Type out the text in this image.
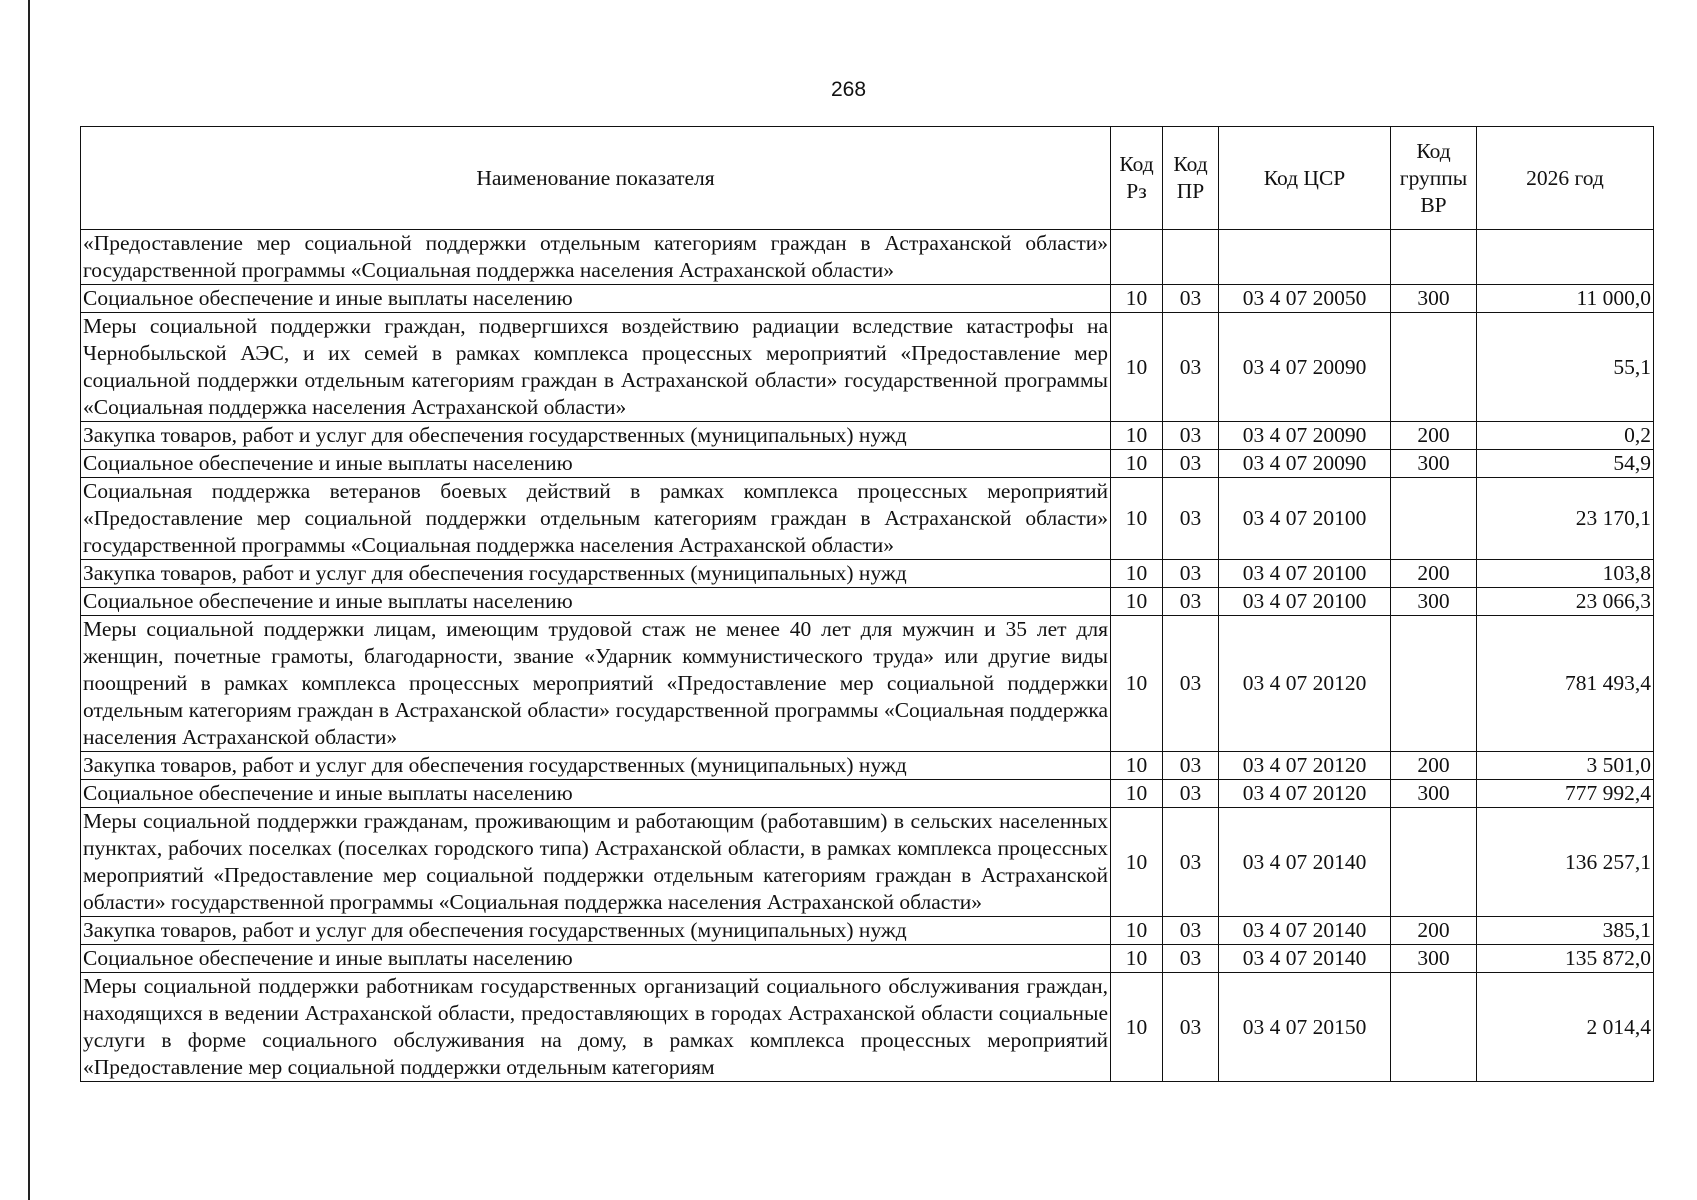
268
Наименование показателя	Код Рз	Код ПР	Код ЦСР	Код группы ВР	2026 год
«Предоставление мер социальной поддержки отдельным категориям граждан в Астраханской области» государственной программы «Социальная поддержка населения Астраханской области»					
Социальное обеспечение и иные выплаты населению	10	03	03 4 07 20050	300	11 000,0
Меры социальной поддержки граждан, подвергшихся воздействию радиации вследствие катастрофы на Чернобыльской АЭС, и их семей в рамках комплекса процессных мероприятий «Предоставление мер социальной поддержки отдельным категориям граждан в Астраханской области» государственной программы «Социальная поддержка населения Астраханской области»	10	03	03 4 07 20090		55,1
Закупка товаров, работ и услуг для обеспечения государственных (муниципальных) нужд	10	03	03 4 07 20090	200	0,2
Социальное обеспечение и иные выплаты населению	10	03	03 4 07 20090	300	54,9
Социальная поддержка ветеранов боевых действий в рамках комплекса процессных мероприятий «Предоставление мер социальной поддержки отдельным категориям граждан в Астраханской области» государственной программы «Социальная поддержка населения Астраханской области»	10	03	03 4 07 20100		23 170,1
Закупка товаров, работ и услуг для обеспечения государственных (муниципальных) нужд	10	03	03 4 07 20100	200	103,8
Социальное обеспечение и иные выплаты населению	10	03	03 4 07 20100	300	23 066,3
Меры социальной поддержки лицам, имеющим трудовой стаж не менее 40 лет для мужчин и 35 лет для женщин, почетные грамоты, благодарности, звание «Ударник коммунистического труда» или другие виды поощрений в рамках комплекса процессных мероприятий «Предоставление мер социальной поддержки отдельным категориям граждан в Астраханской области» государственной программы «Социальная поддержка населения Астраханской области»	10	03	03 4 07 20120		781 493,4
Закупка товаров, работ и услуг для обеспечения государственных (муниципальных) нужд	10	03	03 4 07 20120	200	3 501,0
Социальное обеспечение и иные выплаты населению	10	03	03 4 07 20120	300	777 992,4
Меры социальной поддержки гражданам, проживающим и работающим (работавшим) в сельских населенных пунктах, рабочих поселках (поселках городского типа) Астраханской области, в рамках комплекса процессных мероприятий «Предоставление мер социальной поддержки отдельным категориям граждан в Астраханской области» государственной программы «Социальная поддержка населения Астраханской области»	10	03	03 4 07 20140		136 257,1
Закупка товаров, работ и услуг для обеспечения государственных (муниципальных) нужд	10	03	03 4 07 20140	200	385,1
Социальное обеспечение и иные выплаты населению	10	03	03 4 07 20140	300	135 872,0
Меры социальной поддержки работникам государственных организаций социального обслуживания граждан, находящихся в ведении Астраханской области, предоставляющих в городах Астраханской области социальные услуги в форме социального обслуживания на дому, в рамках комплекса процессных мероприятий «Предоставление мер социальной поддержки отдельным категориям	10	03	03 4 07 20150		2 014,4
